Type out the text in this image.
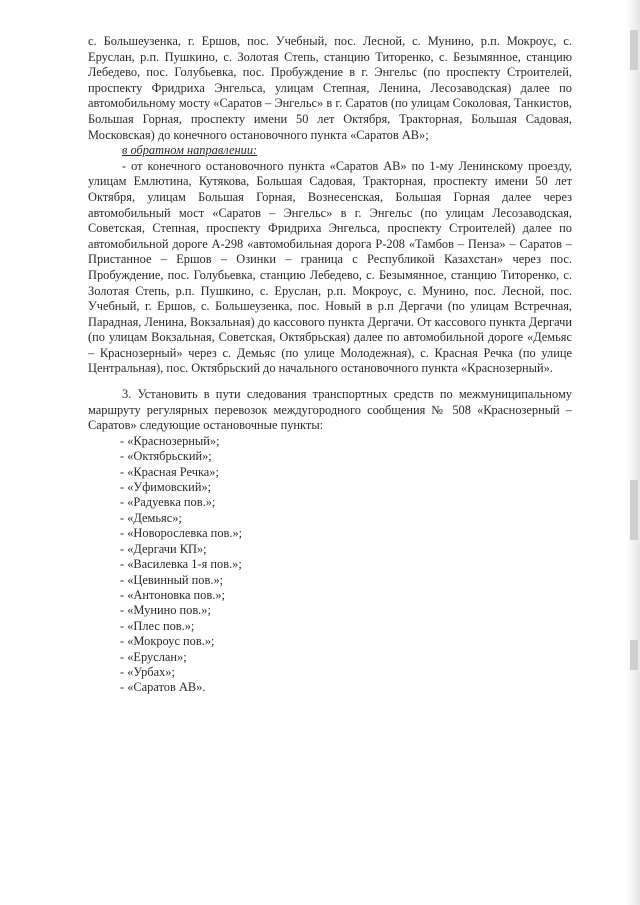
с. Большеузенка, г. Ершов, пос. Учебный, пос. Лесной, с. Мунино, р.п. Мокроус, с. Еруслан, р.п. Пушкино, с. Золотая Степь, станцию Титоренко, с. Безымянное, станцию Лебедево, пос. Голубьевка, пос. Пробуждение в г. Энгельс (по проспекту Строителей, проспекту Фридриха Энгельса, улицам Степная, Ленина, Лесозаводская) далее по автомобильному мосту «Саратов – Энгельс» в г. Саратов (по улицам Соколовая, Танкистов, Большая Горная, проспекту имени 50 лет Октября, Тракторная, Большая Садовая, Московская) до конечного остановочного пункта «Саратов АВ»;

в обратном направлении:

- от конечного остановочного пункта «Саратов АВ» по 1-му Ленинскому проезду, улицам Емлютина, Кутякова, Большая Садовая, Тракторная, проспекту имени 50 лет Октября, улицам Большая Горная, Вознесенская, Большая Горная далее через автомобильный мост «Саратов – Энгельс» в г. Энгельс (по улицам Лесозаводская, Советская, Степная, проспекту Фридриха Энгельса, проспекту Строителей) далее по автомобильной дороге А-298 «автомобильная дорога Р-208 «Тамбов – Пенза» – Саратов – Пристанное – Ершов – Озинки – граница с Республикой Казахстан» через пос. Пробуждение, пос. Голубьевка, станцию Лебедево, с. Безымянное, станцию Титоренко, с. Золотая Степь, р.п. Пушкино, с. Еруслан, р.п. Мокроус, с. Мунино, пос. Лесной, пос. Учебный, г. Ершов, с. Большеузенка, пос. Новый в р.п Дергачи (по улицам Встречная, Парадная, Ленина, Вокзальная) до кассового пункта Дергачи. От кассового пункта Дергачи (по улицам Вокзальная, Советская, Октябрьская) далее по автомобильной дороге «Демьяс – Краснозерный» через с. Демьяс (по улице Молодежная), с. Красная Речка (по улице Центральная), пос. Октябрьский до начального остановочного пункта «Краснозерный».

3. Установить в пути следования транспортных средств по межмуниципальному маршруту регулярных перевозок междугородного сообщения № 508 «Краснозерный – Саратов» следующие остановочные пункты:

- «Краснозерный»;
- «Октябрьский»;
- «Красная Речка»;
- «Уфимовский»;
- «Радуевка пов.»;
- «Демьяс»;
- «Новорослевка пов.»;
- «Дергачи КП»;
- «Василевка 1-я пов.»;
- «Цевинный пов.»;
- «Антоновка пов.»;
- «Мунино пов.»;
- «Плес пов.»;
- «Мокроус пов.»;
- «Еруслан»;
- «Урбах»;
- «Саратов АВ».
